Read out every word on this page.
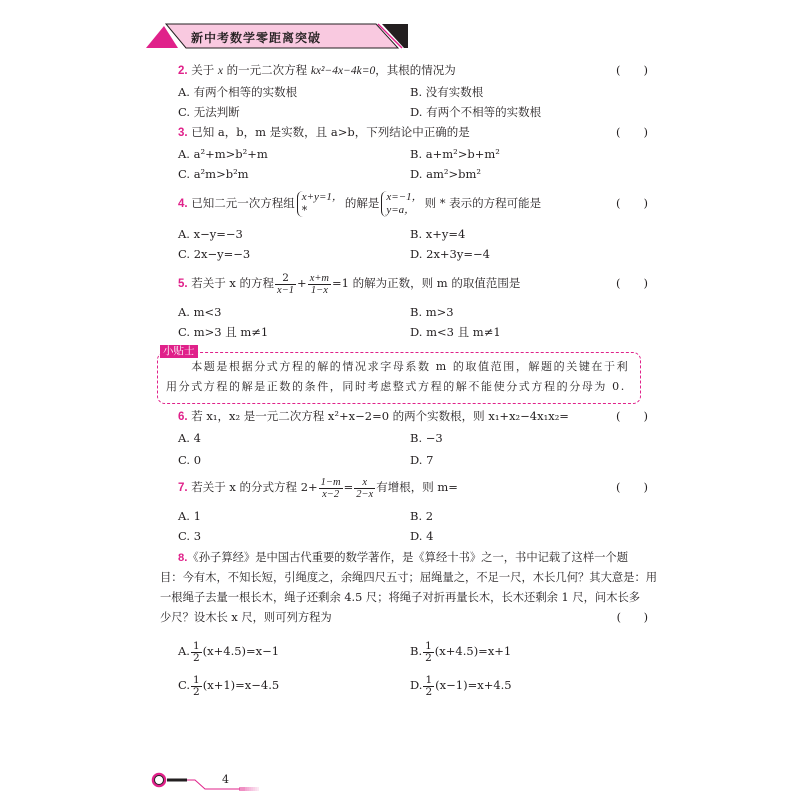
新中考数学零距离突破
2. 关于 x 的一元二次方程 kx²−4x−4k=0，其根的情况为	(　　)
A. 有两个相等的实数根	B. 没有实数根
C. 无法判断	D. 有两个不相等的实数根
3. 已知 a，b，m 是实数，且 a>b，下列结论中正确的是	(　　)
A. a²+m>b²+m	B. a+m²>b+m²
C. a²m>b²m	D. am²>bm²
4. 已知二元一次方程组 x+y=1，
*
的解是 x=−1，
y=a， 则 * 表示的方程可能是	(　　)
A. x−y=−3	B. x+y=4
C. 2x−y=−3	D. 2x+3y=−4
5. 若关于 x 的方程 $\frac{2}{x-1} + \frac{x+m}{1-x} =1$ 的解为正数，则 m 的取值范围是	(　　)
A. m<3	B. m>3
C. m>3 且 m≠1	D. m<3 且 m≠1
小贴士
　　本题是根据分式方程的解的情况求字母系数 m 的取值范围，解题的关键在于利用分式方程的解是正数的条件，同时考虑整式方程的解不能使分式方程的分母为 0.
6. 若 x₁，x₂ 是一元二次方程 x²+x−2=0 的两个实数根，则 x₁+x₂−4x₁x₂=	(　　)
A. 4	B. −3
C. 0	D. 7
7. 若关于 x 的分式方程 $2+ \frac{1-m}{x-2} = \frac{x}{2-x}$ 有增根，则 m=	(　　)
A. 1	B. 2
C. 3	D. 4
8.《孙子算经》是中国古代重要的数学著作，是《算经十书》之一，书中记载了这样一个题
目：今有木，不知长短，引绳度之，余绳四尺五寸；屈绳量之，不足一尺，木长几何？其大意是：用
一根绳子去量一根长木，绳子还剩余 4.5 尺；将绳子对折再量长木，长木还剩余 1 尺，问木长多
少尺？设木长 x 尺，则可列方程为	(　　)
A. $\frac{1}{2} (x+4.5)=x-1$	B. $\frac{1}{2} (x+4.5)=x+1$
C. $\frac{1}{2} (x+1)=x-4.5$	D. $\frac{1}{2} (x-1)=x+4.5$
4
